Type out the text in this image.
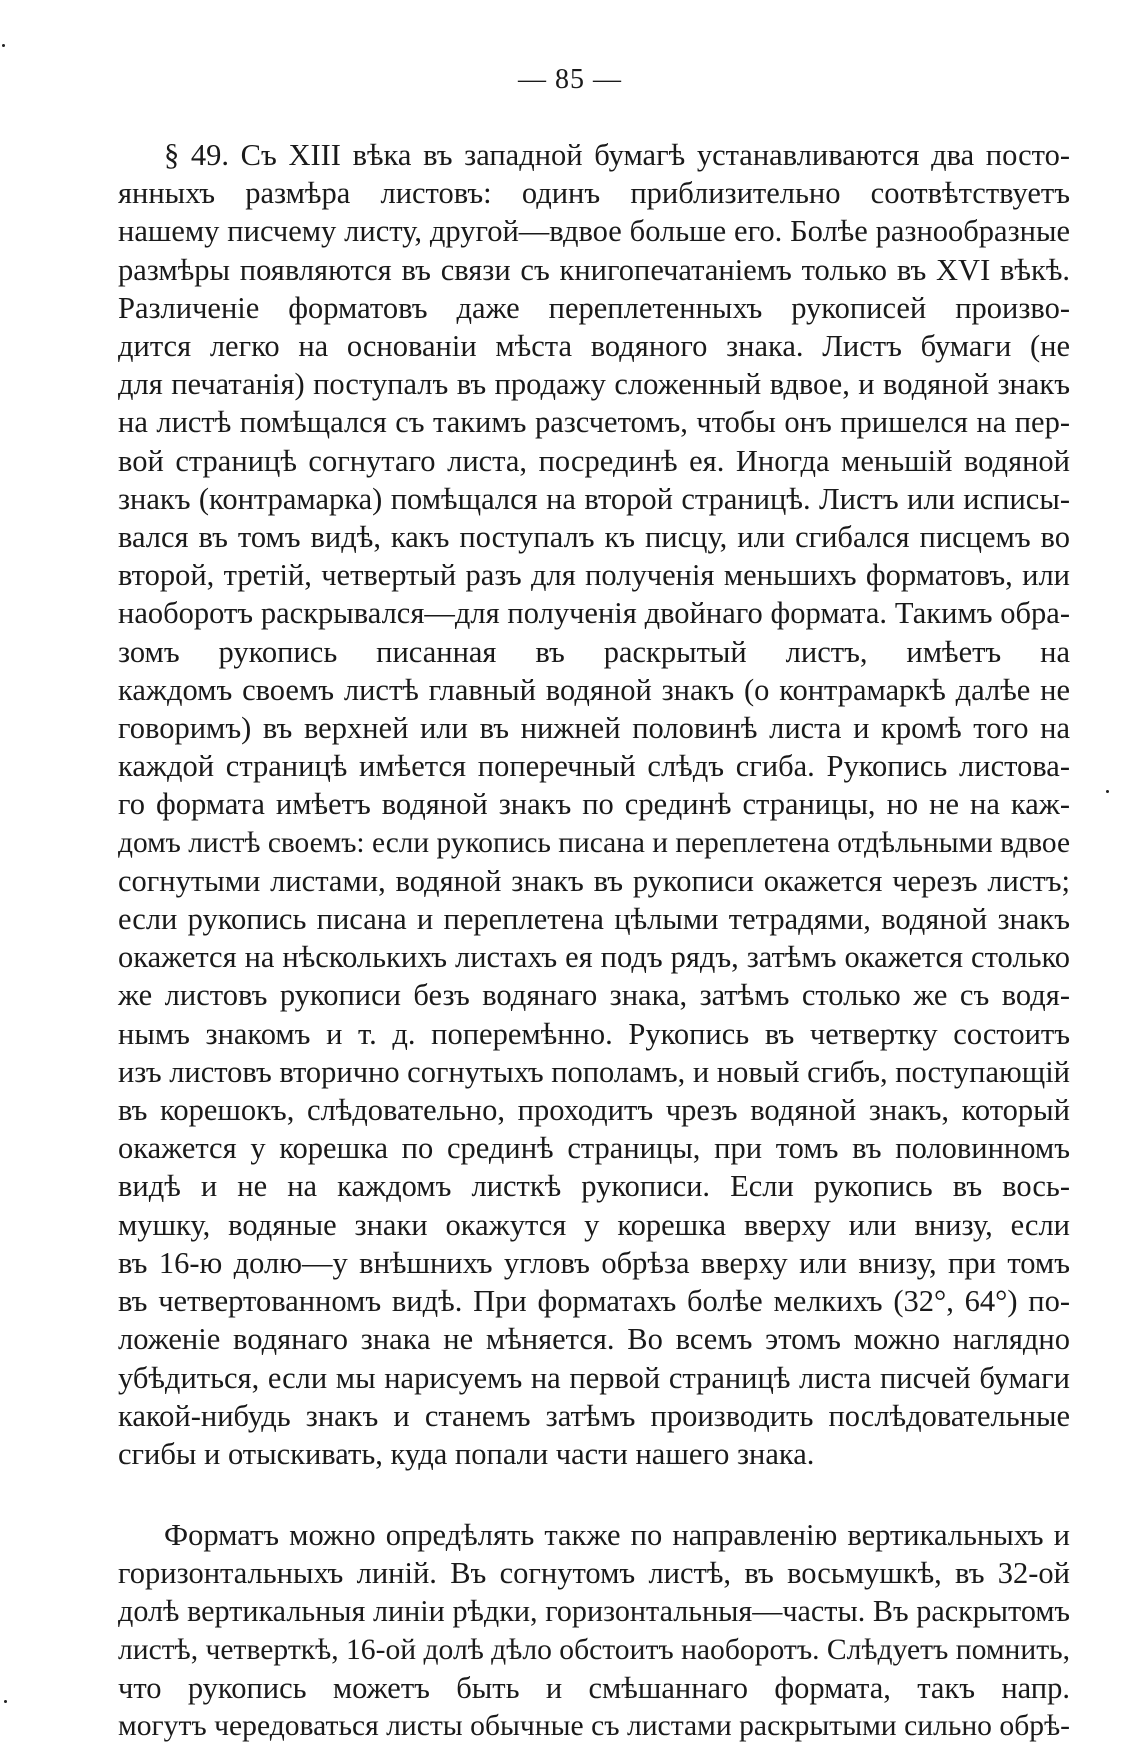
— 85 —
§ 49. Съ XIII вѣка въ западной бумагѣ устанавливаются два посто-
янныхъ размѣра листовъ: одинъ приблизительно соотвѣтствуетъ
нашему писчему листу, другой—вдвое больше его. Болѣе разнообразные
размѣры появляются въ связи съ книгопечатаніемъ только въ XVI вѣкѣ.
Различеніе форматовъ даже переплетенныхъ рукописей произво-
дится легко на основаніи мѣста водяного знака. Листъ бумаги (не
для печатанія) поступалъ въ продажу сложенный вдвое, и водяной знакъ
на листѣ помѣщался съ такимъ разсчетомъ, чтобы онъ пришелся на пер-
вой страницѣ согнутаго листа, посрединѣ ея. Иногда меньшій водяной
знакъ (контрамарка) помѣщался на второй страницѣ. Листъ или исписы-
вался въ томъ видѣ, какъ поступалъ къ писцу, или сгибался писцемъ во
второй, третій, четвертый разъ для полученія меньшихъ форматовъ, или
наоборотъ раскрывался—для полученія двойнаго формата. Такимъ обра-
зомъ рукопись писанная въ раскрытый листъ, имѣетъ на
каждомъ своемъ листѣ главный водяной знакъ (о контрамаркѣ далѣе не
говоримъ) въ верхней или въ нижней половинѣ листа и кромѣ того на
каждой страницѣ имѣется поперечный слѣдъ сгиба. Рукопись листова-
го формата имѣетъ водяной знакъ по срединѣ страницы, но не на каж-
домъ листѣ своемъ: если рукопись писана и переплетена отдѣльными вдвое
согнутыми листами, водяной знакъ въ рукописи окажется черезъ листъ;
если рукопись писана и переплетена цѣлыми тетрадями, водяной знакъ
окажется на нѣсколькихъ листахъ ея подъ рядъ, затѣмъ окажется столько
же листовъ рукописи безъ водянаго знака, затѣмъ столько же съ водя-
нымъ знакомъ и т. д. поперемѣнно. Рукопись въ четвертку состоитъ
изъ листовъ вторично согнутыхъ пополамъ, и новый сгибъ, поступающій
въ корешокъ, слѣдовательно, проходитъ чрезъ водяной знакъ, который
окажется у корешка по срединѣ страницы, при томъ въ половинномъ
видѣ и не на каждомъ листкѣ рукописи. Если рукопись въ вось-
мушку, водяные знаки окажутся у корешка вверху или внизу, если
въ 16-ю долю—у внѣшнихъ угловъ обрѣза вверху или внизу, при томъ
въ четвертованномъ видѣ. При форматахъ болѣе мелкихъ (32°, 64°) по-
ложеніе водянаго знака не мѣняется. Во всемъ этомъ можно наглядно
убѣдиться, если мы нарисуемъ на первой страницѣ листа писчей бумаги
какой-нибудь знакъ и станемъ затѣмъ производить послѣдовательные
сгибы и отыскивать, куда попали части нашего знака.
Форматъ можно опредѣлять также по направленію вертикальныхъ и
горизонтальныхъ линій. Въ согнутомъ листѣ, въ восьмушкѣ, въ 32-ой
долѣ вертикальныя линіи рѣдки, горизонтальныя—часты. Въ раскрытомъ
листѣ, четверткѣ, 16-ой долѣ дѣло обстоитъ наоборотъ. Слѣдуетъ помнить,
что рукопись можетъ быть и смѣшаннаго формата, такъ напр.
могутъ чередоваться листы обычные съ листами раскрытыми сильно обрѣ-
